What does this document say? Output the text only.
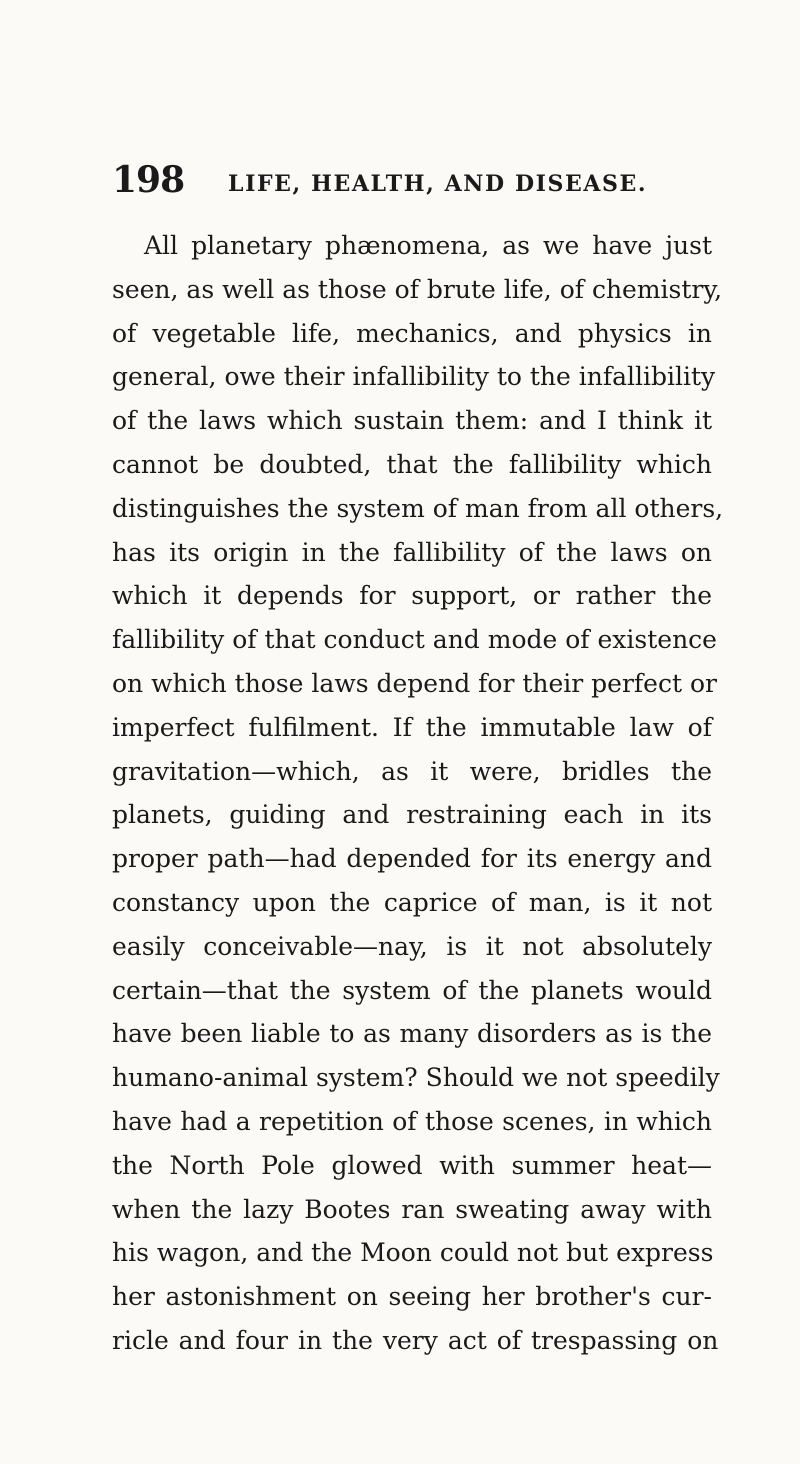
198 LIFE, HEALTH, AND DISEASE.
All planetary phænomena, as we have just
seen, as well as those of brute life, of chemistry,
of vegetable life, mechanics, and physics in
general, owe their infallibility to the infallibility
of the laws which sustain them: and I think it
cannot be doubted, that the fallibility which
distinguishes the system of man from all others,
has its origin in the fallibility of the laws on
which it depends for support, or rather the
fallibility of that conduct and mode of existence
on which those laws depend for their perfect or
imperfect fulfilment. If the immutable law of
gravitation—which, as it were, bridles the
planets, guiding and restraining each in its
proper path—had depended for its energy and
constancy upon the caprice of man, is it not
easily conceivable—nay, is it not absolutely
certain—that the system of the planets would
have been liable to as many disorders as is the
humano-animal system? Should we not speedily
have had a repetition of those scenes, in which
the North Pole glowed with summer heat—
when the lazy Bootes ran sweating away with
his wagon, and the Moon could not but express
her astonishment on seeing her brother's cur-
ricle and four in the very act of trespassing on
